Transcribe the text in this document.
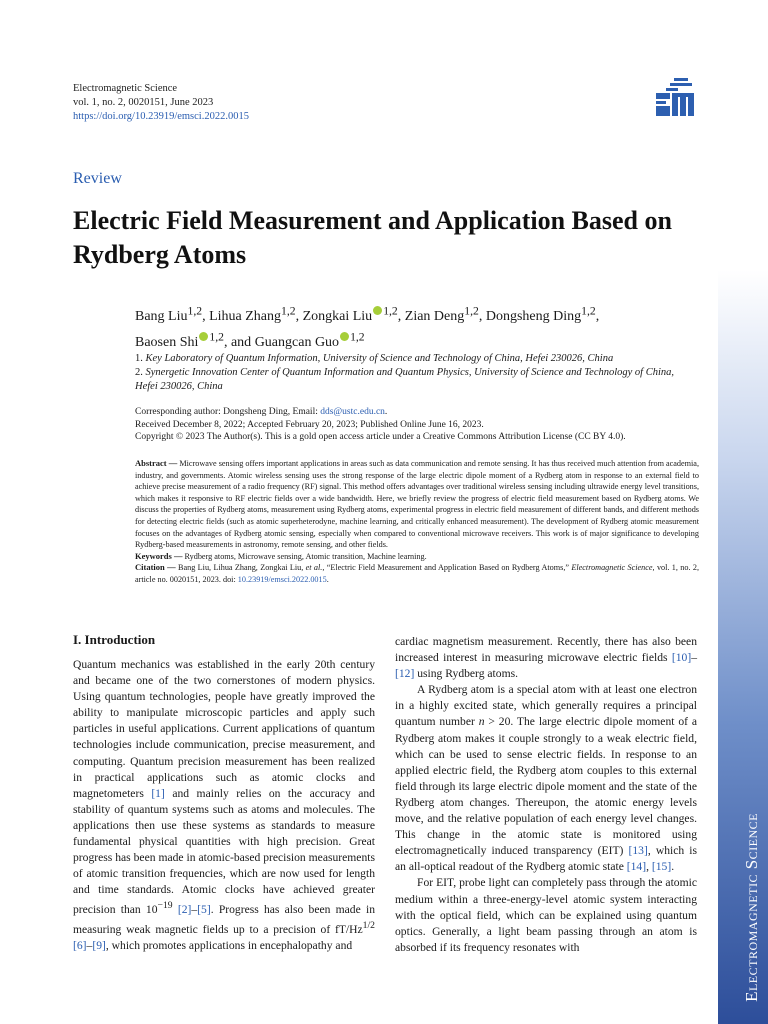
Electromagnetic Science
Electromagnetic Science
vol. 1, no. 2, 0020151, June 2023
https://doi.org/10.23919/emsci.2022.0015
Review
Electric Field Measurement and Application Based on Rydberg Atoms
Bang Liu$^{1,2}$, Lihua Zhang$^{1,2}$, Zongkai Liu $^{1,2}$, Zian Deng$^{1,2}$, Dongsheng Ding$^{1,2}$,
Baosen Shi $^{1,2}$, and Guangcan Guo $^{1,2}$
1. Key Laboratory of Quantum Information, University of Science and Technology of China, Hefei 230026, China
2. Synergetic Innovation Center of Quantum Information and Quantum Physics, University of Science and Technology of China, Hefei 230026, China
Corresponding author: Dongsheng Ding, Email: dds@ustc.edu.cn.
Received December 8, 2022; Accepted February 20, 2023; Published Online June 16, 2023.
Copyright © 2023 The Author(s). This is a gold open access article under a Creative Commons Attribution License (CC BY 4.0).

Abstract — Microwave sensing offers important applications in areas such as data communication and remote sensing. It has thus received much attention from academia, industry, and governments. Atomic wireless sensing uses the strong response of the large electric dipole moment of a Rydberg atom in response to an external field to achieve precise measurement of a radio frequency (RF) signal. This method offers advantages over traditional wireless sensing including ultrawide energy level transitions, which makes it responsive to RF electric fields over a wide bandwidth. Here, we briefly review the progress of electric field measurement based on Rydberg atoms. We discuss the properties of Rydberg atoms, measurement using Rydberg atoms, experimental progress in electric field measurement of different bands, and different methods for detecting electric fields (such as atomic superheterodyne, machine learning, and critically enhanced measurement). The development of Rydberg atomic measurement focuses on the advantages of Rydberg atomic sensing, especially when compared to conventional microwave receivers. This work is of major significance to developing Rydberg-based measurements in astronomy, remote sensing, and other fields.

Keywords — Rydberg atoms, Microwave sensing, Atomic transition, Machine learning.

Citation — Bang Liu, Lihua Zhang, Zongkai Liu, et al., “Electric Field Measurement and Application Based on Rydberg Atoms,” Electromagnetic Science, vol. 1, no. 2, article no. 0020151, 2023. doi: 10.23919/emsci.2022.0015.

I. Introduction

Quantum mechanics was established in the early 20th century and became one of the two cornerstones of modern physics. Using quantum technologies, people have greatly improved the ability to manipulate microscopic particles and apply such particles in useful applications. Current applications of quantum technologies include communication, precise measurement, and computing. Quantum precision measurement has been realized in practical applications such as atomic clocks and magnetometers [1] and mainly relies on the accuracy and stability of quantum systems such as atoms and molecules. The applications then use these systems as standards to measure fundamental physical quantities with high precision. Great progress has been made in atomic-based precision measurements of atomic transition frequencies, which are now used for length and time standards. Atomic clocks have achieved greater precision than $10^{-19}$ [2]–[5]. Progress has also been made in measuring weak magnetic fields up to a precision of $fT/Hz^{1/2}$ [6]–[9], which promotes applications in encephalopathy and

cardiac magnetism measurement. Recently, there has also been increased interest in measuring microwave electric fields [10]–[12] using Rydberg atoms.

A Rydberg atom is a special atom with at least one electron in a highly excited state, which generally requires a principal quantum number n > 20. The large electric dipole moment of a Rydberg atom makes it couple strongly to a weak electric field, which can be used to sense electric fields. In response to an applied electric field, the Rydberg atom couples to this external field through its large electric dipole moment and the state of the Rydberg atom changes. Thereupon, the atomic energy levels move, and the relative population of each energy level changes. This change in the atomic state is monitored using electromagnetically induced transparency (EIT) [13], which is an all-optical readout of the Rydberg atomic state [14], [15].

For EIT, probe light can completely pass through the atomic medium within a three-energy-level atomic system interacting with the optical field, which can be explained using quantum optics. Generally, a light beam passing through an atom is absorbed if its frequency resonates with
